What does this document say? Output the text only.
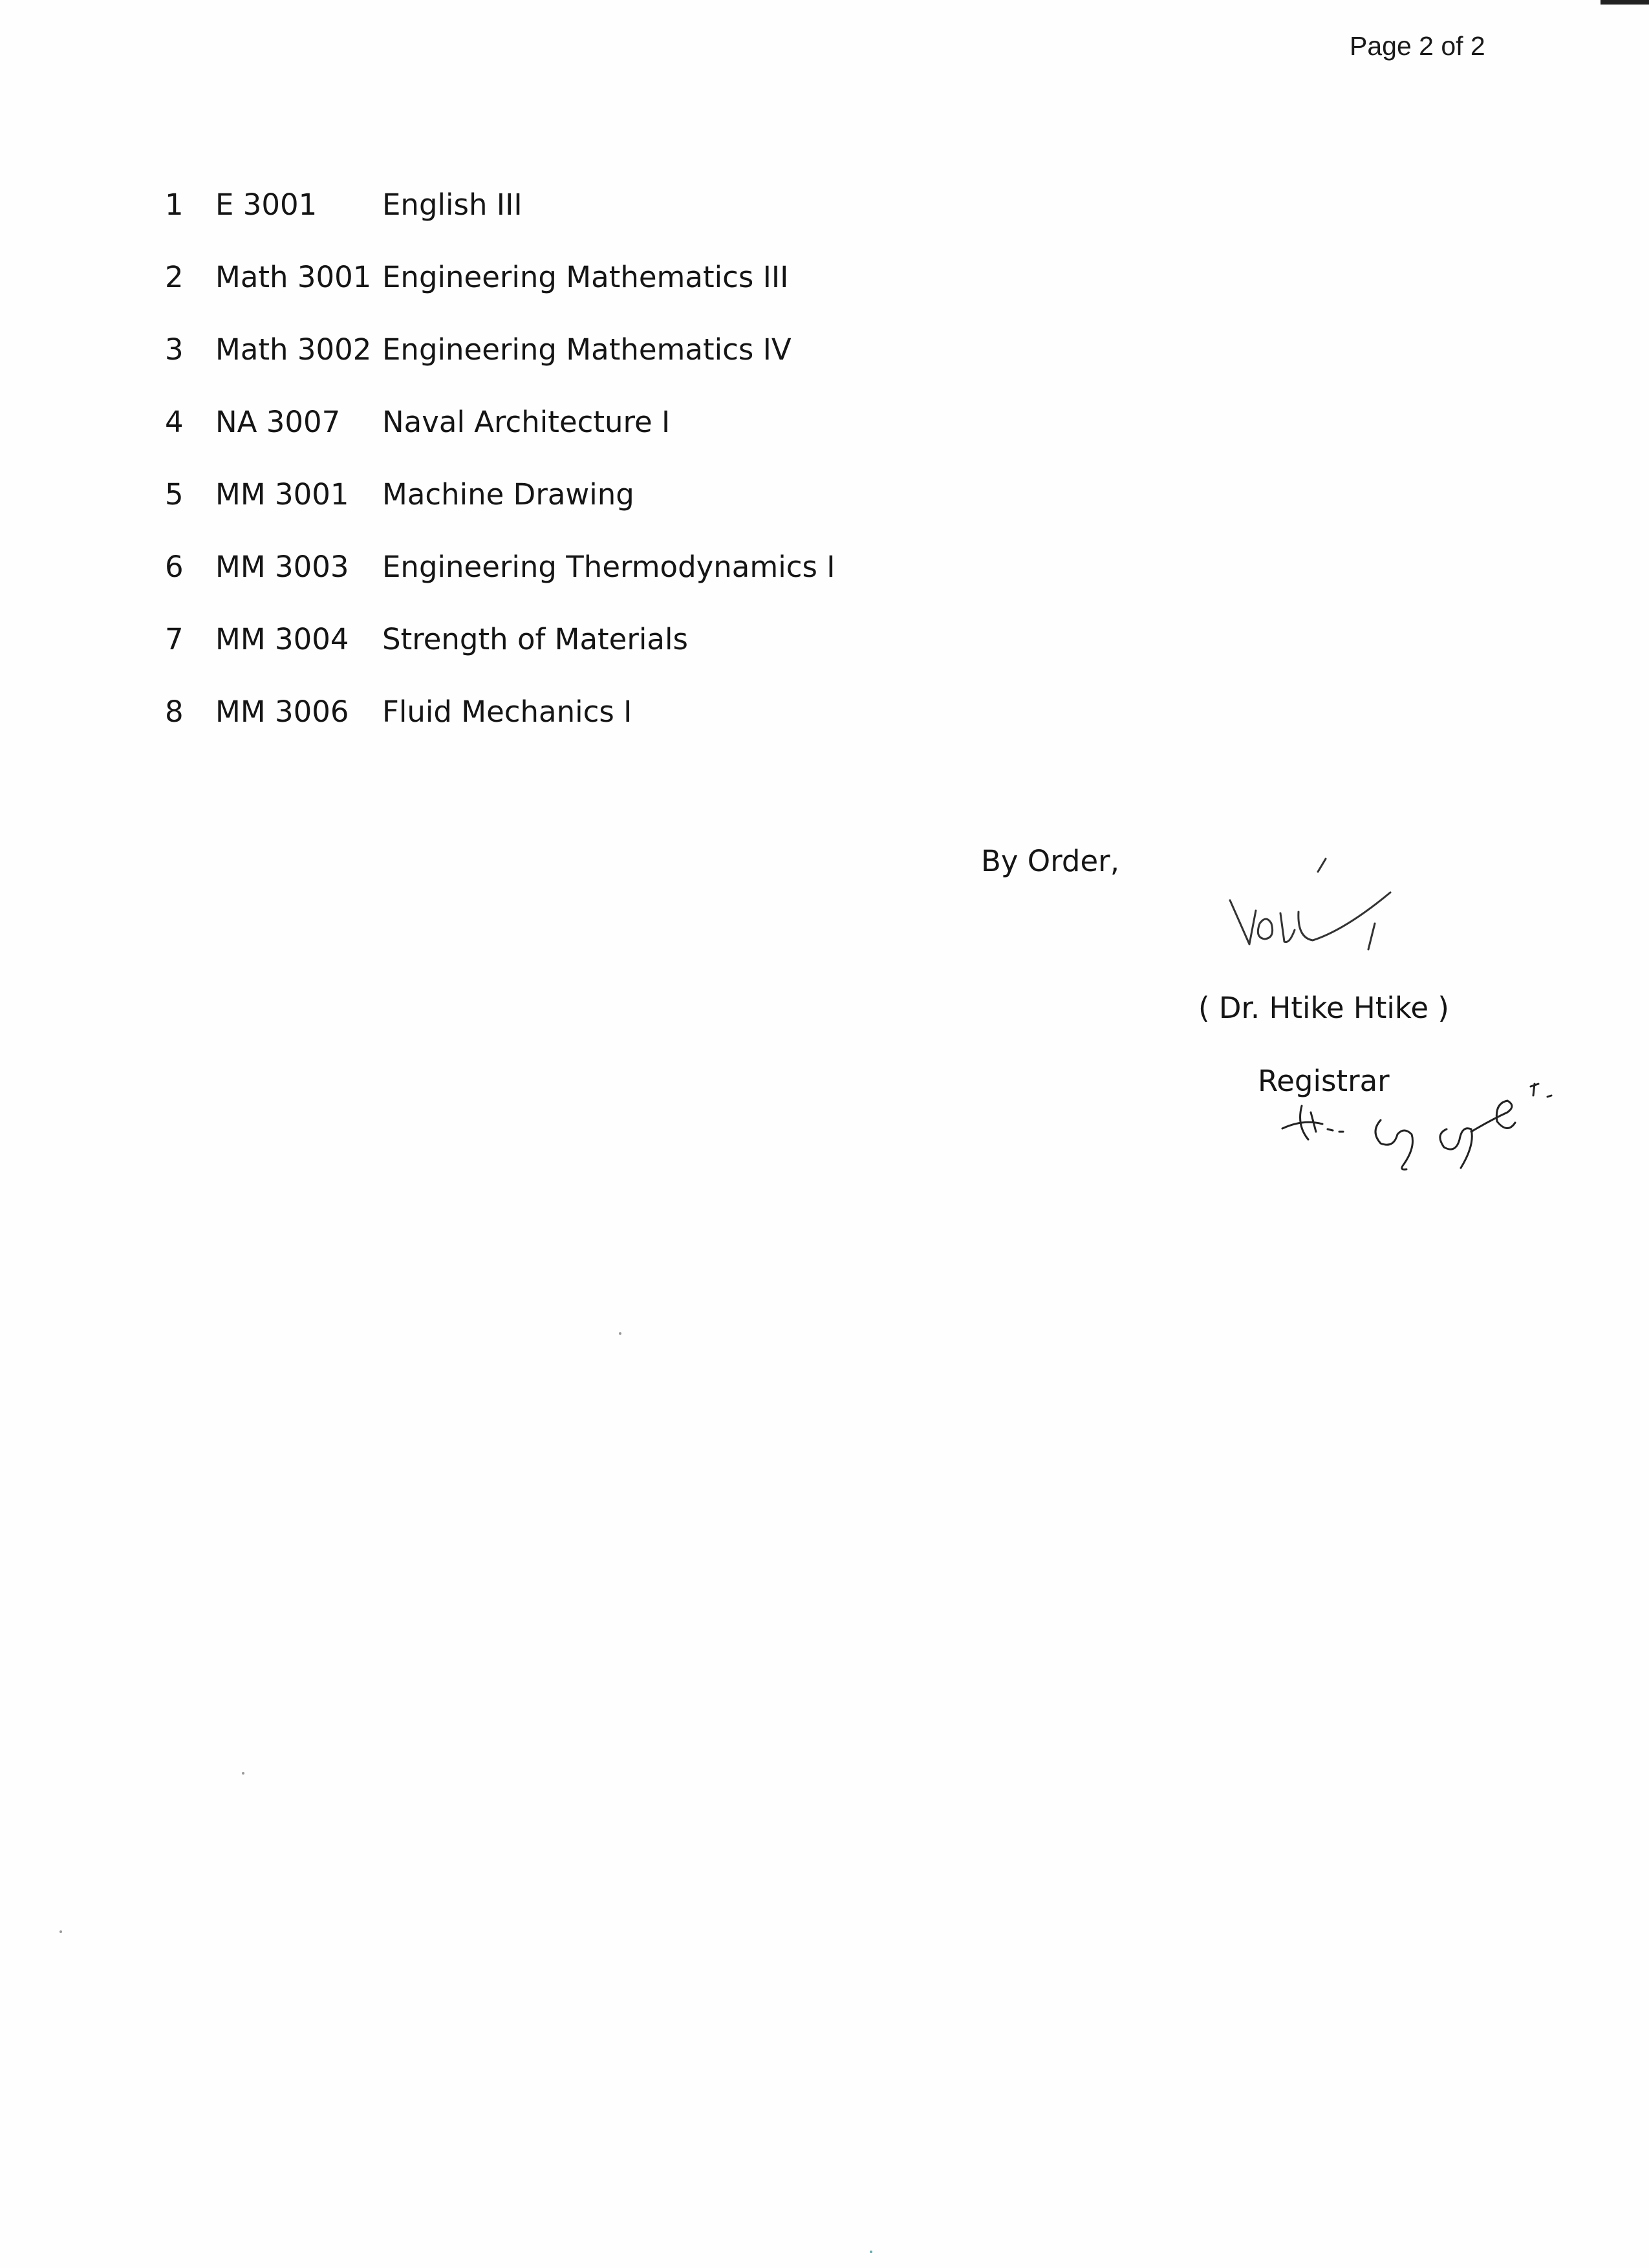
Page 2 of 2
1 E 3001 English III
2 Math 3001 Engineering Mathematics III
3 Math 3002 Engineering Mathematics IV
4 NA 3007 Naval Architecture I
5 MM 3001 Machine Drawing
6 MM 3003 Engineering Thermodynamics I
7 MM 3004 Strength of Materials
8 MM 3006 Fluid Mechanics I
By Order,
( Dr. Htike Htike )
Registrar
